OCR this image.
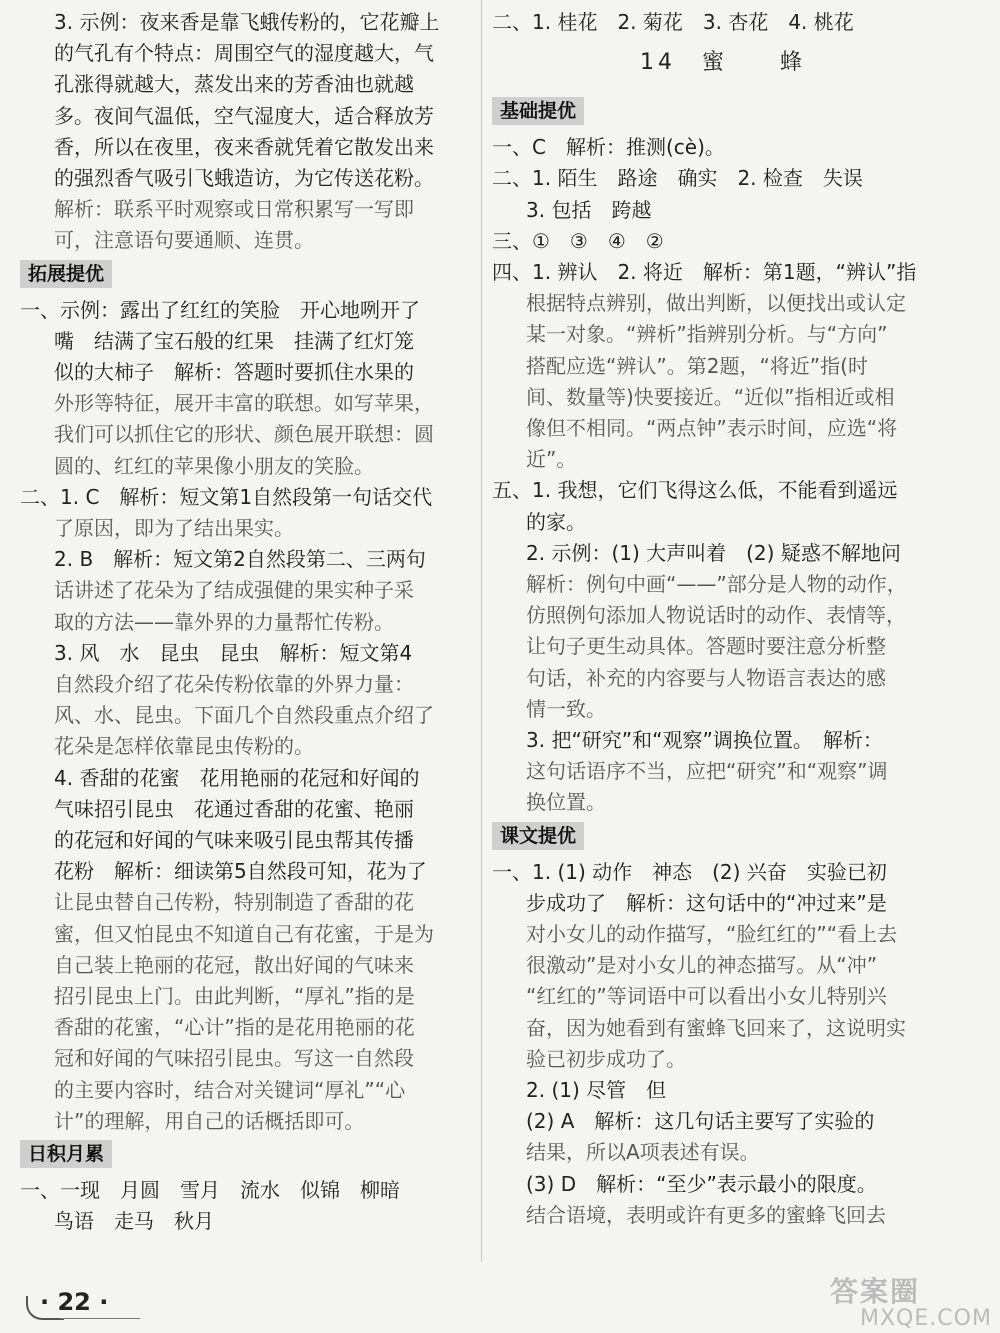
3. 示例：夜来香是靠飞蛾传粉的，它花瓣上
的气孔有个特点：周围空气的湿度越大，气
孔涨得就越大，蒸发出来的芳香油也就越
多。夜间气温低，空气湿度大，适合释放芳
香，所以在夜里，夜来香就凭着它散发出来
的强烈香气吸引飞蛾造访，为它传送花粉。
解析：联系平时观察或日常积累写一写即
可，注意语句要通顺、连贯。
拓展提优
一、示例：露出了红红的笑脸　开心地咧开了
嘴　结满了宝石般的红果　挂满了红灯笼
似的大柿子　解析：答题时要抓住水果的
外形等特征，展开丰富的联想。如写苹果，
我们可以抓住它的形状、颜色展开联想：圆
圆的、红红的苹果像小朋友的笑脸。
二、1. C　解析：短文第1自然段第一句话交代
了原因，即为了结出果实。
2. B　解析：短文第2自然段第二、三两句
话讲述了花朵为了结成强健的果实种子采
取的方法——靠外界的力量帮忙传粉。
3. 风　水　昆虫　昆虫　解析：短文第4
自然段介绍了花朵传粉依靠的外界力量：
风、水、昆虫。下面几个自然段重点介绍了
花朵是怎样依靠昆虫传粉的。
4. 香甜的花蜜　花用艳丽的花冠和好闻的
气味招引昆虫　花通过香甜的花蜜、艳丽
的花冠和好闻的气味来吸引昆虫帮其传播
花粉　解析：细读第5自然段可知，花为了
让昆虫替自己传粉，特别制造了香甜的花
蜜，但又怕昆虫不知道自己有花蜜，于是为
自己装上艳丽的花冠，散出好闻的气味来
招引昆虫上门。由此判断，“厚礼”指的是
香甜的花蜜，“心计”指的是花用艳丽的花
冠和好闻的气味招引昆虫。写这一自然段
的主要内容时，结合对关键词“厚礼”“心
计”的理解，用自己的话概括即可。
日积月累
一、一现　月圆　雪月　流水　似锦　柳暗
鸟语　走马　秋月
二、1. 桂花　2. 菊花　3. 杏花　4. 桃花
14　蜜　　蜂
基础提优
一、C　解析：推测(cè)。
二、1. 陌生　路途　确实　2. 检查　失误
3. 包括　跨越
三、①　③　④　②
四、1. 辨认　2. 将近　解析：第1题，“辨认”指
根据特点辨别，做出判断，以便找出或认定
某一对象。“辨析”指辨别分析。与“方向”
搭配应选“辨认”。第2题，“将近”指(时
间、数量等)快要接近。“近似”指相近或相
像但不相同。“两点钟”表示时间，应选“将
近”。
五、1. 我想，它们飞得这么低，不能看到遥远
的家。
2. 示例：(1) 大声叫着　(2) 疑惑不解地问
解析：例句中画“——”部分是人物的动作，
仿照例句添加人物说话时的动作、表情等，
让句子更生动具体。答题时要注意分析整
句话，补充的内容要与人物语言表达的感
情一致。
3. 把“研究”和“观察”调换位置。　解析：
这句话语序不当，应把“研究”和“观察”调
换位置。
课文提优
一、1. (1) 动作　神态　(2) 兴奋　实验已初
步成功了　解析：这句话中的“冲过来”是
对小女儿的动作描写，“脸红红的”“看上去
很激动”是对小女儿的神态描写。从“冲”
“红红的”等词语中可以看出小女儿特别兴
奋，因为她看到有蜜蜂飞回来了，这说明实
验已初步成功了。
2. (1) 尽管　但
(2) A　解析：这几句话主要写了实验的
结果，所以A项表述有误。
(3) D　解析：“至少”表示最小的限度。
结合语境，表明或许有更多的蜜蜂飞回去
· 22 ·	答案圈
MXQE.COM
